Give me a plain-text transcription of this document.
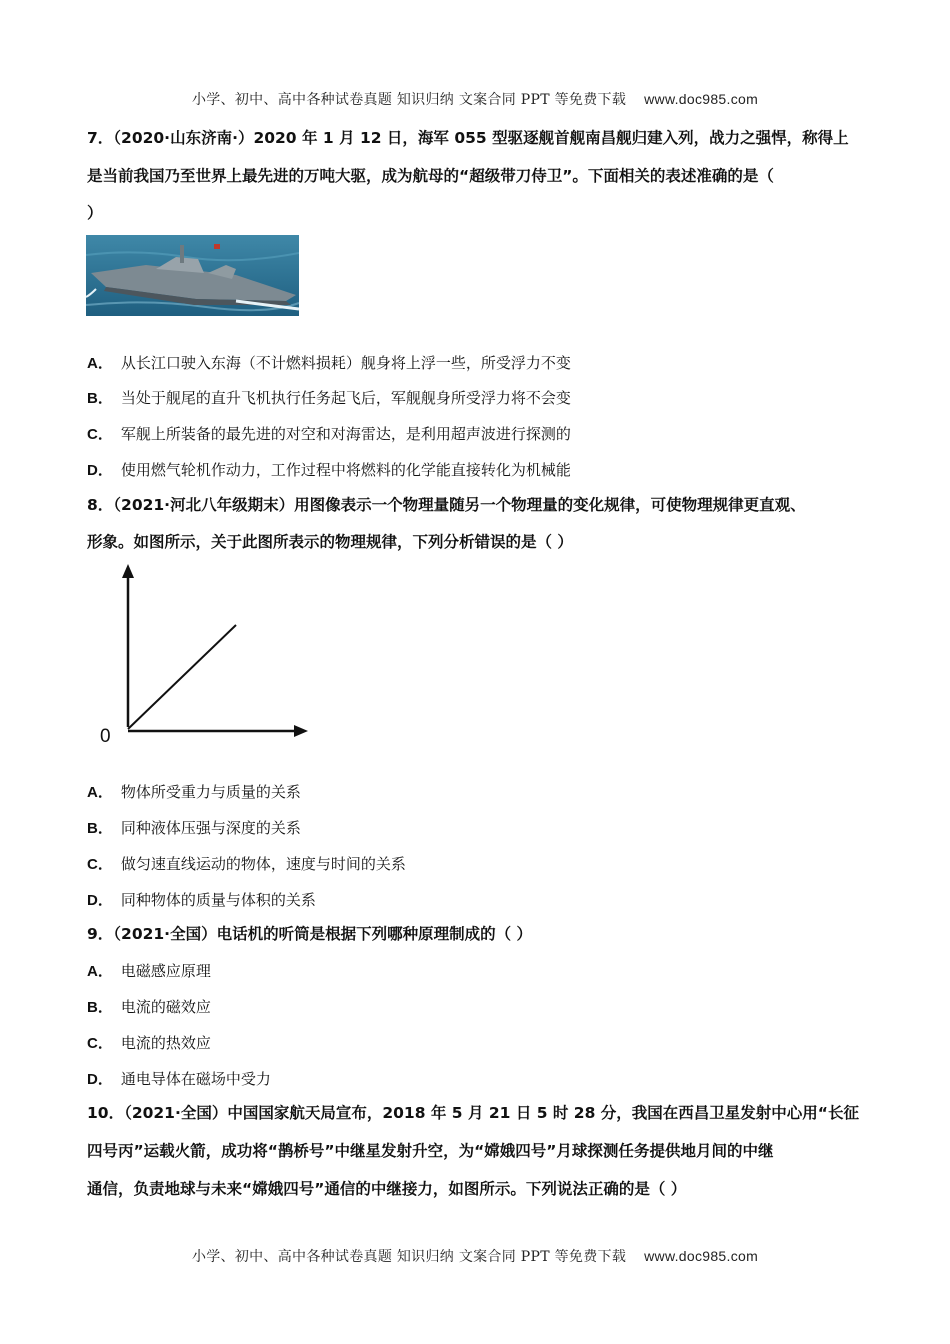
小学、初中、高中各种试卷真题 知识归纳 文案合同 PPT 等免费下载 www.doc985.com
7．（2020·山东济南·）2020 年 1 月 12 日，海军 055 型驱逐舰首舰南昌舰归建入列，战力之强悍，称得上
是当前我国乃至世界上最先进的万吨大驱，成为航母的“超级带刀侍卫”。下面相关的表述准确的是（
）
A． 从长江口驶入东海（不计燃料损耗）舰身将上浮一些，所受浮力不变
B． 当处于舰尾的直升飞机执行任务起飞后，军舰舰身所受浮力将不会变
C． 军舰上所装备的最先进的对空和对海雷达，是利用超声波进行探测的
D． 使用燃气轮机作动力，工作过程中将燃料的化学能直接转化为机械能
8．（2021·河北八年级期末）用图像表示一个物理量随另一个物理量的变化规律，可使物理规律更直观、
形象。如图所示，关于此图所表示的物理规律，下列分析错误的是（ ）
0
A． 物体所受重力与质量的关系
B． 同种液体压强与深度的关系
C． 做匀速直线运动的物体，速度与时间的关系
D． 同种物体的质量与体积的关系
9．（2021·全国）电话机的听筒是根据下列哪种原理制成的（ ）
A． 电磁感应原理
B． 电流的磁效应
C． 电流的热效应
D． 通电导体在磁场中受力
10．（2021·全国）中国国家航天局宣布，2018 年 5 月 21 日 5 时 28 分，我国在西昌卫星发射中心用“长征
四号丙”运载火箭，成功将“鹊桥号”中继星发射升空，为“嫦娥四号”月球探测任务提供地月间的中继
通信，负责地球与未来“嫦娥四号”通信的中继接力，如图所示。下列说法正确的是（ ）
小学、初中、高中各种试卷真题 知识归纳 文案合同 PPT 等免费下载 www.doc985.com
